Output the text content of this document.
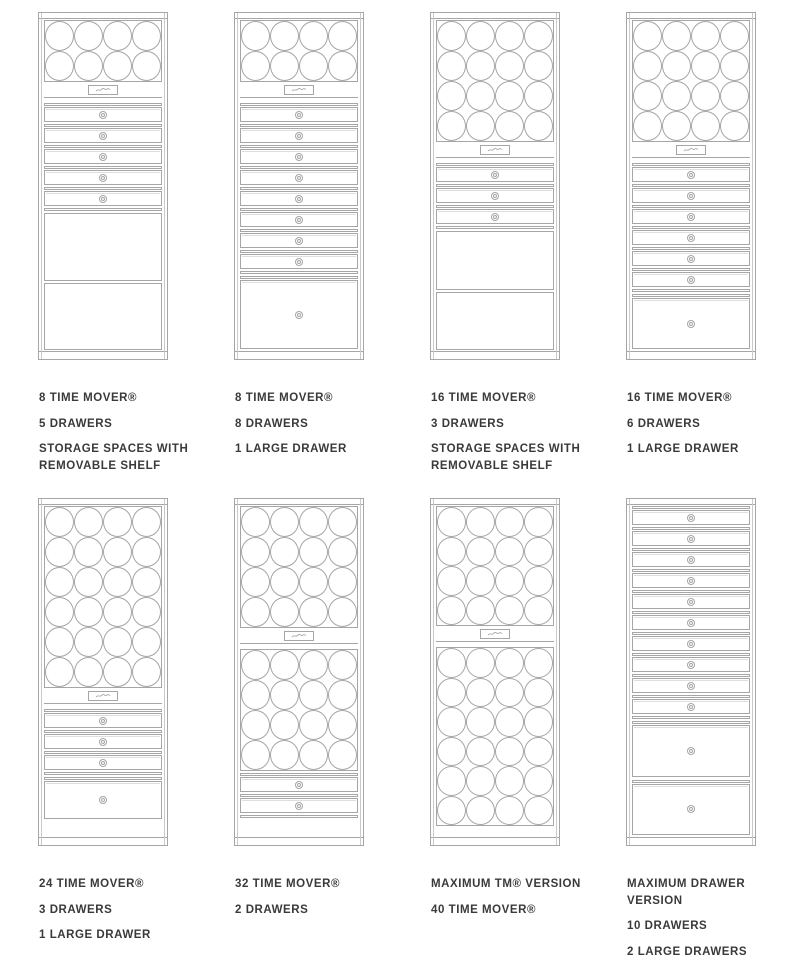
8 TIME MOVER®

5 DRAWERS

STORAGE SPACES WITH REMOVABLE SHELF

8 TIME MOVER®

8 DRAWERS

1 LARGE DRAWER

16 TIME MOVER®

3 DRAWERS

STORAGE SPACES WITH REMOVABLE SHELF

16 TIME MOVER®

6 DRAWERS

1 LARGE DRAWER

24 TIME MOVER®

3 DRAWERS

1 LARGE DRAWER

32 TIME MOVER®

2 DRAWERS

MAXIMUM TM® VERSION

40 TIME MOVER®

MAXIMUM DRAWER VERSION

10 DRAWERS

2 LARGE DRAWERS
